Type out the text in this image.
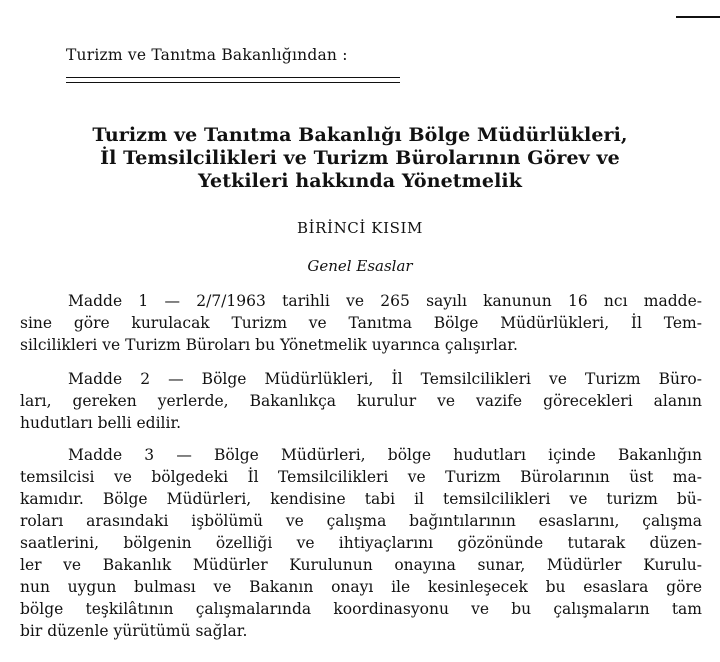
Turizm ve Tanıtma Bakanlığından :
Turizm ve Tanıtma Bakanlığı Bölge Müdürlükleri,
İl Temsilcilikleri ve Turizm Bürolarının Görev ve
Yetkileri hakkında Yönetmelik
BİRİNCİ KISIM
Genel Esaslar
Madde 1 — 2/7/1963 tarihli ve 265 sayılı kanunun 16 ncı madde-
sine göre kurulacak Turizm ve Tanıtma Bölge Müdürlükleri, İl Tem-
silcilikleri ve Turizm Büroları bu Yönetmelik uyarınca çalışırlar.
Madde 2 — Bölge Müdürlükleri, İl Temsilcilikleri ve Turizm Büro-
ları, gereken yerlerde, Bakanlıkça kurulur ve vazife görecekleri alanın
hudutları belli edilir.
Madde 3 — Bölge Müdürleri, bölge hudutları içinde Bakanlığın
temsilcisi ve bölgedeki İl Temsilcilikleri ve Turizm Bürolarının üst ma-
kamıdır. Bölge Müdürleri, kendisine tabi il temsilcilikleri ve turizm bü-
roları arasındaki işbölümü ve çalışma bağıntılarının esaslarını, çalışma
saatlerini, bölgenin özelliği ve ihtiyaçlarını gözönünde tutarak düzen-
ler ve Bakanlık Müdürler Kurulunun onayına sunar, Müdürler Kurulu-
nun uygun bulması ve Bakanın onayı ile kesinleşecek bu esaslara göre
bölge teşkilâtının çalışmalarında koordinasyonu ve bu çalışmaların tam
bir düzenle yürütümü sağlar.
